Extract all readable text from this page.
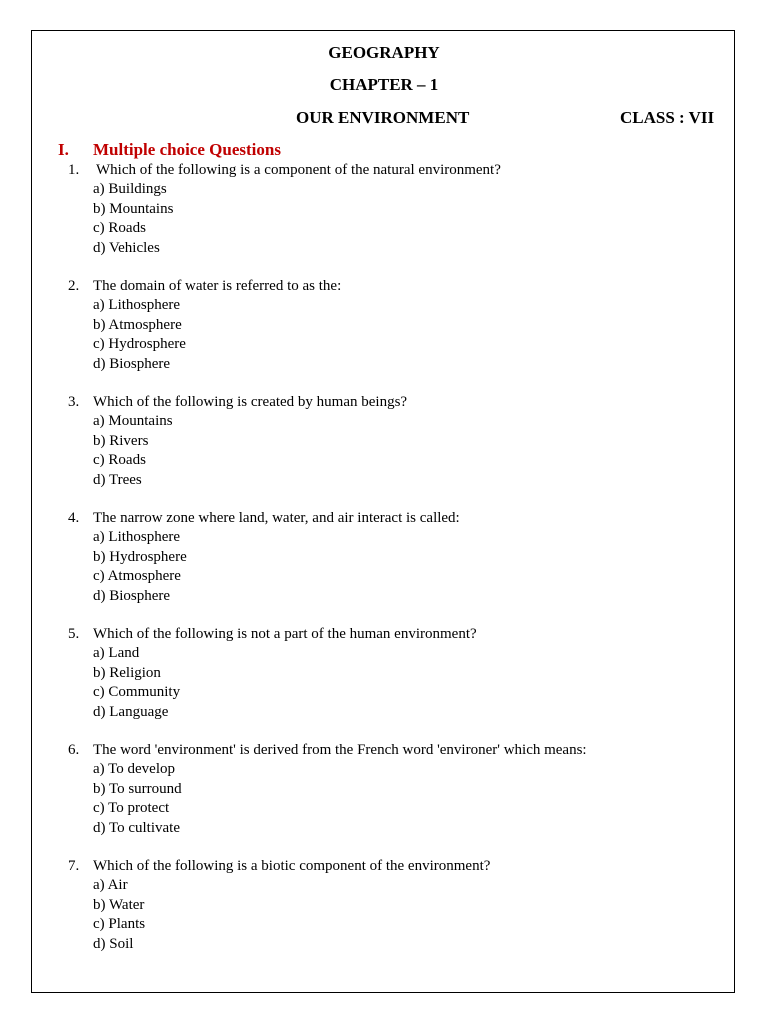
GEOGRAPHY
CHAPTER – 1
OUR ENVIRONMENT	CLASS : VII
I. Multiple choice Questions
1. Which of the following is a component of the natural environment?
a) Buildings
b) Mountains
c) Roads
d) Vehicles
2. The domain of water is referred to as the:
a) Lithosphere
b) Atmosphere
c) Hydrosphere
d) Biosphere
3. Which of the following is created by human beings?
a) Mountains
b) Rivers
c) Roads
d) Trees
4. The narrow zone where land, water, and air interact is called:
a) Lithosphere
b) Hydrosphere
c) Atmosphere
d) Biosphere
5. Which of the following is not a part of the human environment?
a) Land
b) Religion
c) Community
d) Language
6. The word 'environment' is derived from the French word 'environer' which means:
a) To develop
b) To surround
c) To protect
d) To cultivate
7. Which of the following is a biotic component of the environment?
a) Air
b) Water
c) Plants
d) Soil
